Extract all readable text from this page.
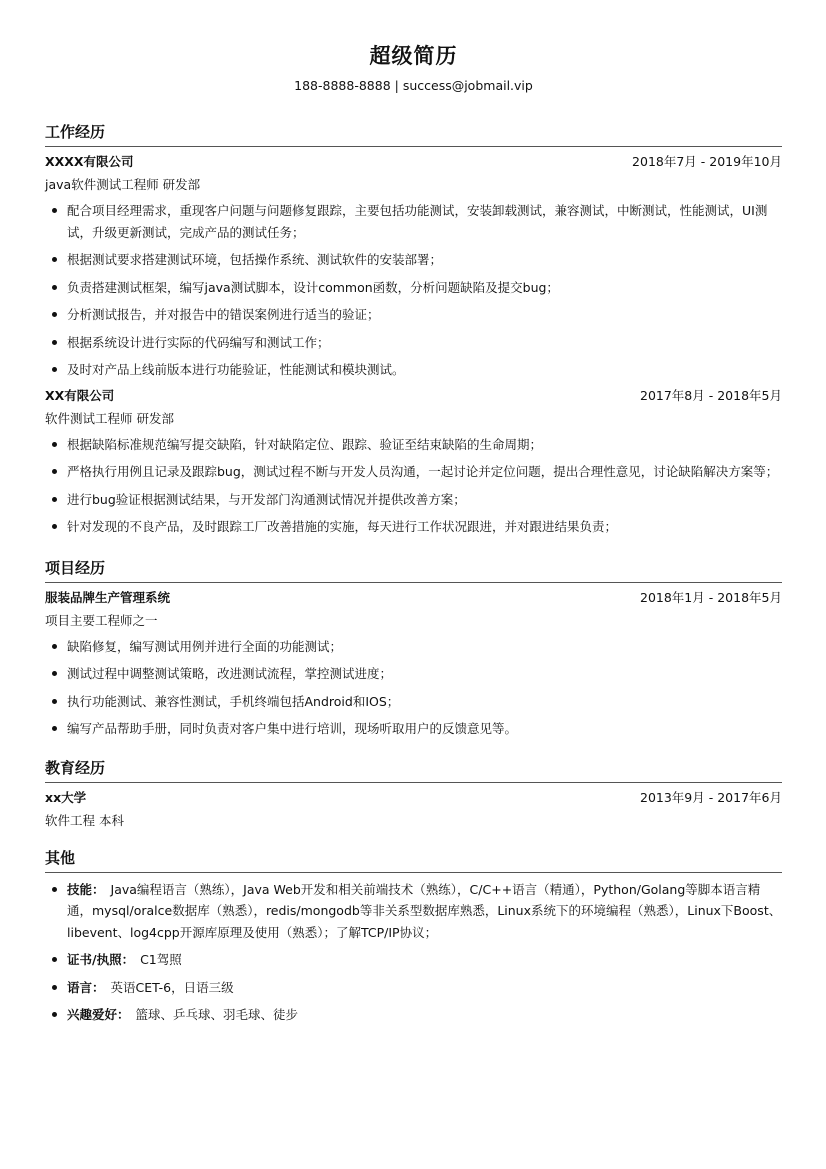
超级简历
188-8888-8888 | success@jobmail.vip
工作经历
XXXX有限公司	2018年7月 - 2019年10月
java软件测试工程师 研发部
配合项目经理需求，重现客户问题与问题修复跟踪，主要包括功能测试，安装卸载测试，兼容测试，中断测试，性能测试，UI测试，升级更新测试，完成产品的测试任务；
根据测试要求搭建测试环境，包括操作系统、测试软件的安装部署；
负责搭建测试框架，编写java测试脚本，设计common函数，分析问题缺陷及提交bug；
分析测试报告，并对报告中的错误案例进行适当的验证；
根据系统设计进行实际的代码编写和测试工作；
及时对产品上线前版本进行功能验证，性能测试和模块测试。
XX有限公司	2017年8月 - 2018年5月
软件测试工程师 研发部
根据缺陷标准规范编写提交缺陷，针对缺陷定位、跟踪、验证至结束缺陷的生命周期；
严格执行用例且记录及跟踪bug，测试过程不断与开发人员沟通，一起讨论并定位问题，提出合理性意见，讨论缺陷解决方案等；
进行bug验证根据测试结果，与开发部门沟通测试情况并提供改善方案；
针对发现的不良产品，及时跟踪工厂改善措施的实施，每天进行工作状况跟进，并对跟进结果负责；
项目经历
服装品牌生产管理系统	2018年1月 - 2018年5月
项目主要工程师之一
缺陷修复，编写测试用例并进行全面的功能测试；
测试过程中调整测试策略，改进测试流程，掌控测试进度；
执行功能测试、兼容性测试，手机终端包括Android和IOS；
编写产品帮助手册，同时负责对客户集中进行培训，现场听取用户的反馈意见等。
教育经历
xx大学	2013年9月 - 2017年6月
软件工程 本科
其他
技能： Java编程语言（熟练），Java Web开发和相关前端技术（熟练），C/C++语言（精通），Python/Golang等脚本语言精通，mysql/oralce数据库（熟悉），redis/mongodb等非关系型数据库熟悉，Linux系统下的环境编程（熟悉），Linux下Boost、libevent、log4cpp开源库原理及使用（熟悉）；了解TCP/IP协议；
证书/执照： C1驾照
语言： 英语CET-6，日语三级
兴趣爱好： 篮球、乒乓球、羽毛球、徒步
